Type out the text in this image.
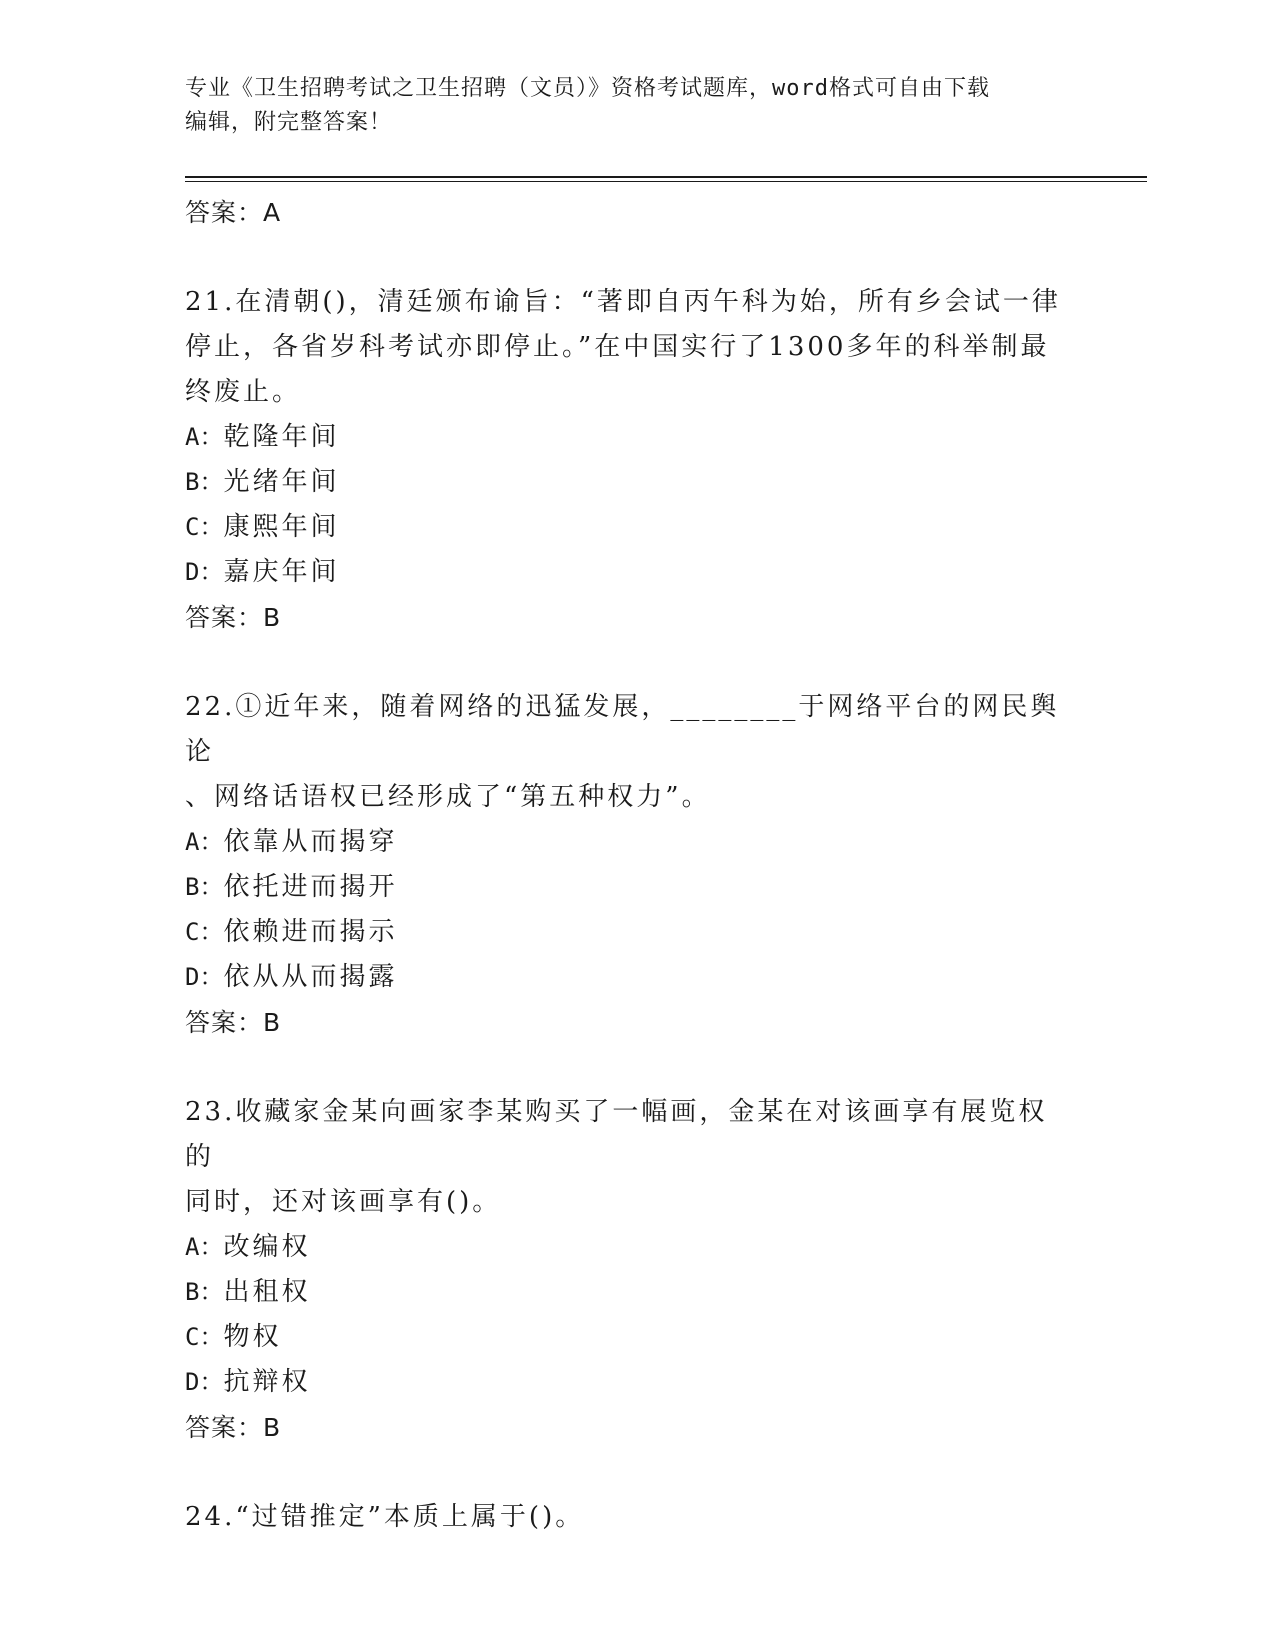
专业《卫生招聘考试之卫生招聘（文员）》资格考试题库，word格式可自由下载
编辑，附完整答案！
答案：A
21.在清朝()，清廷颁布谕旨：“著即自丙午科为始，所有乡会试一律
停止，各省岁科考试亦即停止。”在中国实行了1300多年的科举制最
终废止。
A：乾隆年间
B：光绪年间
C：康熙年间
D：嘉庆年间
答案：B
22.①近年来，随着网络的迅猛发展，________于网络平台的网民舆论
、网络话语权已经形成了“第五种权力”。
A：依靠从而揭穿
B：依托进而揭开
C：依赖进而揭示
D：依从从而揭露
答案：B
23.收藏家金某向画家李某购买了一幅画，金某在对该画享有展览权的
同时，还对该画享有()。
A：改编权
B：出租权
C：物权
D：抗辩权
答案：B
24.“过错推定”本质上属于()。
